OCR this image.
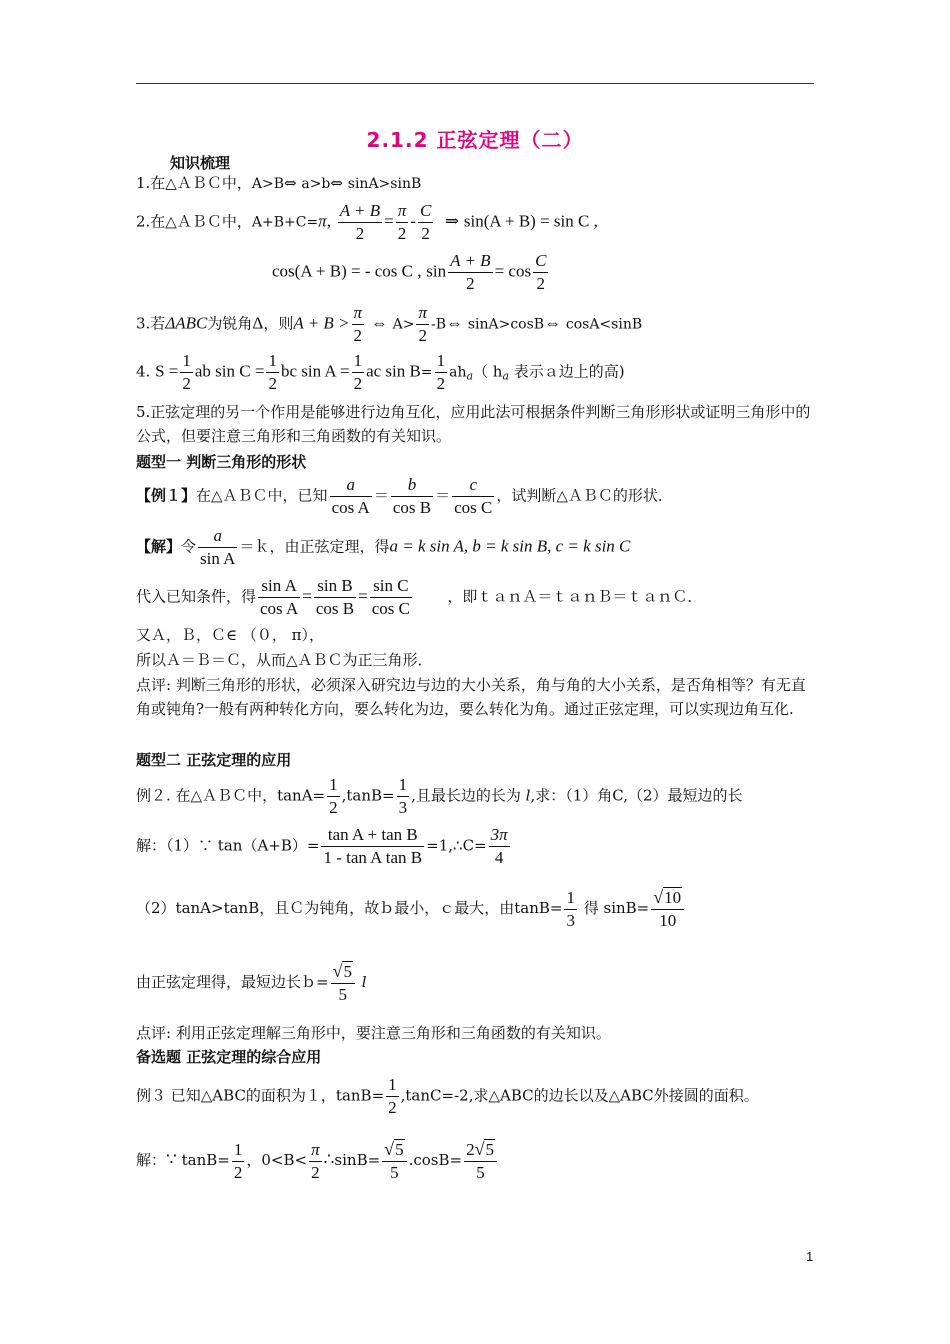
2.1.2 正弦定理（二）
知识梳理
1.在△ＡＢＣ中，A>B⇔ a>b⇔ sinA>sinB
2.在△ＡＢＣ中，A+B+C=π, $\frac{A + B}{2} = \frac{\pi}{2} - \frac{C}{2}$ ⇒ sin(A + B) = sin C ,
cos(A + B) = - cos C , $\sin \frac{A + B}{2} = \cos \frac{C}{2}$
3.若ΔABC为锐角Δ，则$A + B > \frac{\pi}{2}$ ⇔ $A> \frac{\pi}{2}$ -B⇔ sinA>cosB⇔ cosA<sinB
4. $S = \frac{1}{2}$ ab $\sin C = \frac{1}{2}$ bc $\sin A = \frac{1}{2}$ ac $\sin B= \frac{1}{2} ah_a$（ $h_a$ 表示ａ边上的高)
5.正弦定理的另一个作用是能够进行边角互化，应用此法可根据条件判断三角形形状或证明三角形中的公式，但要注意三角形和三角函数的有关知识。
题型一 判断三角形的形状
【例１】在△ＡＢＣ中，已知 $\frac{a}{\text{cos A}} = \frac{b}{\text{cos B}} = \frac{c}{\text{cos C}}$ ，试判断△ＡＢＣ的形状．
【解】令 $\frac{a}{\text{sin A}}$ ＝ｋ，由正弦定理，得a = k sin A, b = k sin B, c = k sin C
代入已知条件，得 $\frac{\text{sin A}}{\text{cos A}} = \frac{\text{sin B}}{\text{cos B}} = \frac{\text{sin C}}{\text{cos C}}$ ，即ｔａｎＡ＝ｔａｎＢ＝ｔａｎＣ．
又Ａ，Ｂ，Ｃ∈ （０， π），
所以Ａ＝Ｂ＝Ｃ，从而△ＡＢＣ为正三角形．
点评: 判断三角形的形状，必须深入研究边与边的大小关系，角与角的大小关系，是否角相等？有无直角或钝角?一般有两种转化方向，要么转化为边，要么转化为角。通过正弦定理，可以实现边角互化.
题型二 正弦定理的应用
例２. 在△ＡＢＣ中，$\tan A= \frac{1}{2} ,\tan B= \frac{1}{3}$ ,且最长边的长为 l,求：（1）角C,（2）最短边的长
解：（1）∵ $\tan(A+B)= \frac{\text{tan A + tan B}}{\text{1 - tan A tan B}}$ =1,∴C= $\frac{3\pi}{4}$
（2）tanA>tanB，且Ｃ为钝角，故ｂ最小，ｃ最大，由$\tan B= \frac{1}{3}$ 得 $\sin B= \frac{√10}{10}$
由正弦定理得，最短边长ｂ= $\frac{√5}{5}$ l
点评: 利用正弦定理解三角形中，要注意三角形和三角函数的有关知识。
备选题 正弦定理的综合应用
例３ 已知△ABC的面积为１，$\tan B= \frac{1}{2} ,\tan C=-2$,求△ABC的边长以及△ABC外接圆的面积。
解：∵ $\tan B= \frac{1}{2}$ ，$0<B< \frac{\pi}{2}$ ∴sinB= $\frac{√5}{5} .\cos B= \frac{2√5}{5}$
1
